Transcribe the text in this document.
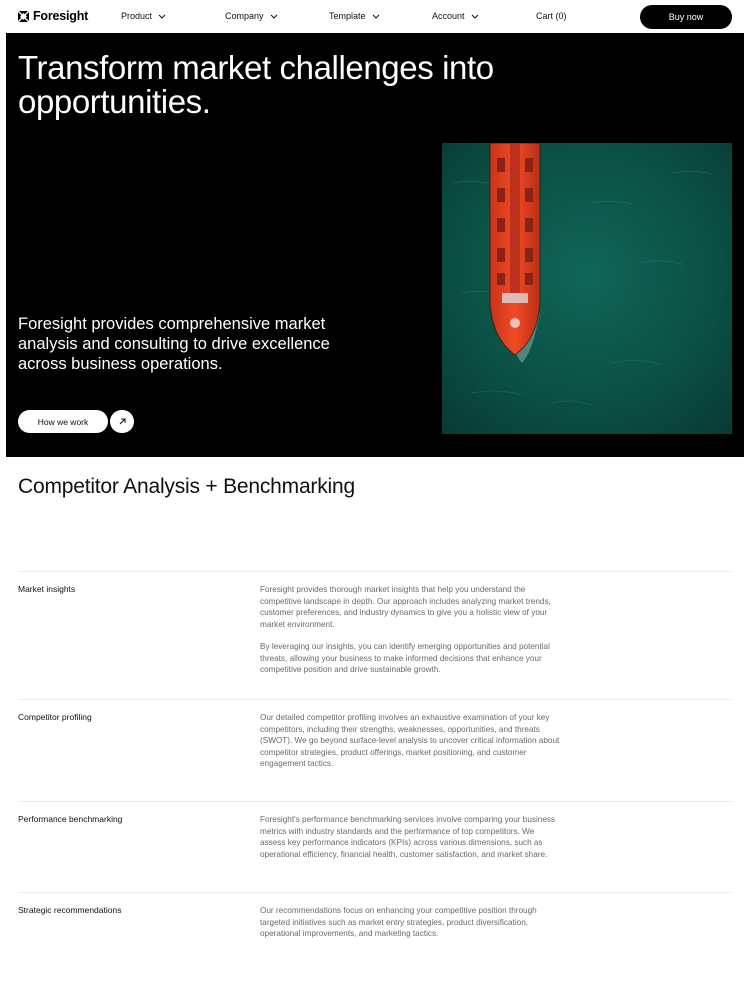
Foresight	Product	Company	Template	Account	Cart (0)	Buy now
Transform market challenges into opportunities.

Foresight provides comprehensive market analysis and consulting to drive excellence across business operations.

How we work
Competitor Analysis + Benchmarking
Market insights	Foresight provides thorough market insights that help you understand the competitive landscape in depth. Our approach includes analyzing market trends, customer preferences, and industry dynamics to give you a holistic view of your market environment.

By leveraging our insights, you can identify emerging opportunities and potential threats, allowing your business to make informed decisions that enhance your competitive position and drive sustainable growth.

Competitor profiling	Our detailed competitor profiling involves an exhaustive examination of your key competitors, including their strengths, weaknesses, opportunities, and threats (SWOT). We go beyond surface-level analysis to uncover critical information about competitor strategies, product offerings, market positioning, and customer engagement tactics.

Performance benchmarking	Foresight's performance benchmarking services involve comparing your business metrics with industry standards and the performance of top competitors. We assess key performance indicators (KPIs) across various dimensions, such as operational efficiency, financial health, customer satisfaction, and market share.

Strategic recommendations	Our recommendations focus on enhancing your competitive position through targeted initiatives such as market entry strategies, product diversification, operational improvements, and marketing tactics.
